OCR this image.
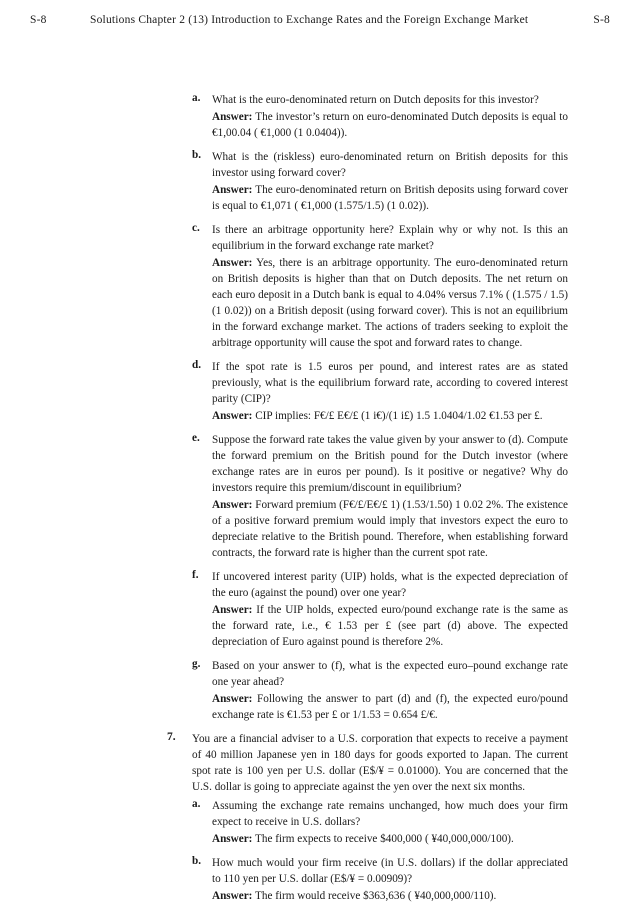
S-8	Solutions Chapter 2 (13) Introduction to Exchange Rates and the Foreign Exchange Market	S-8
a. What is the euro-denominated return on Dutch deposits for this investor?

Answer: The investor’s return on euro-denominated Dutch deposits is equal to €1,00.04 ( €1,000 (1 0.0404)).

b. What is the (riskless) euro-denominated return on British deposits for this investor using forward cover?

Answer: The euro-denominated return on British deposits using forward cover is equal to €1,071 ( €1,000 (1.575/1.5) (1 0.02)).

c. Is there an arbitrage opportunity here? Explain why or why not. Is this an equilibrium in the forward exchange rate market?

Answer: Yes, there is an arbitrage opportunity. The euro-denominated return on British deposits is higher than that on Dutch deposits. The net return on each euro deposit in a Dutch bank is equal to 4.04% versus 7.1% ( (1.575 / 1.5) (1 0.02)) on a British deposit (using forward cover). This is not an equilibrium in the forward exchange market. The actions of traders seeking to exploit the arbitrage opportunity will cause the spot and forward rates to change.

d. If the spot rate is 1.5 euros per pound, and interest rates are as stated previously, what is the equilibrium forward rate, according to covered interest parity (CIP)?

Answer: CIP implies: F€/£ E€/£ (1 i€)/(1 i£) 1.5 1.0404/1.02 €1.53 per £.

e. Suppose the forward rate takes the value given by your answer to (d). Compute the forward premium on the British pound for the Dutch investor (where exchange rates are in euros per pound). Is it positive or negative? Why do investors require this premium/discount in equilibrium?

Answer: Forward premium (F€/£/E€/£ 1) (1.53/1.50) 1 0.02 2%. The existence of a positive forward premium would imply that investors expect the euro to depreciate relative to the British pound. Therefore, when establishing forward contracts, the forward rate is higher than the current spot rate.

f. If uncovered interest parity (UIP) holds, what is the expected depreciation of the euro (against the pound) over one year?

Answer: If the UIP holds, expected euro/pound exchange rate is the same as the forward rate, i.e., € 1.53 per £ (see part (d) above. The expected depreciation of Euro against pound is therefore 2%.

g. Based on your answer to (f), what is the expected euro–pound exchange rate one year ahead?

Answer: Following the answer to part (d) and (f), the expected euro/pound exchange rate is €1.53 per £ or 1/1.53 = 0.654 £/€.

7. You are a financial adviser to a U.S. corporation that expects to receive a payment of 40 million Japanese yen in 180 days for goods exported to Japan. The current spot rate is 100 yen per U.S. dollar (E$/¥ = 0.01000). You are concerned that the U.S. dollar is going to appreciate against the yen over the next six months.

a. Assuming the exchange rate remains unchanged, how much does your firm expect to receive in U.S. dollars?

Answer: The firm expects to receive $400,000 ( ¥40,000,000/100).

b. How much would your firm receive (in U.S. dollars) if the dollar appreciated to 110 yen per U.S. dollar (E$/¥ = 0.00909)?

Answer: The firm would receive $363,636 ( ¥40,000,000/110).
